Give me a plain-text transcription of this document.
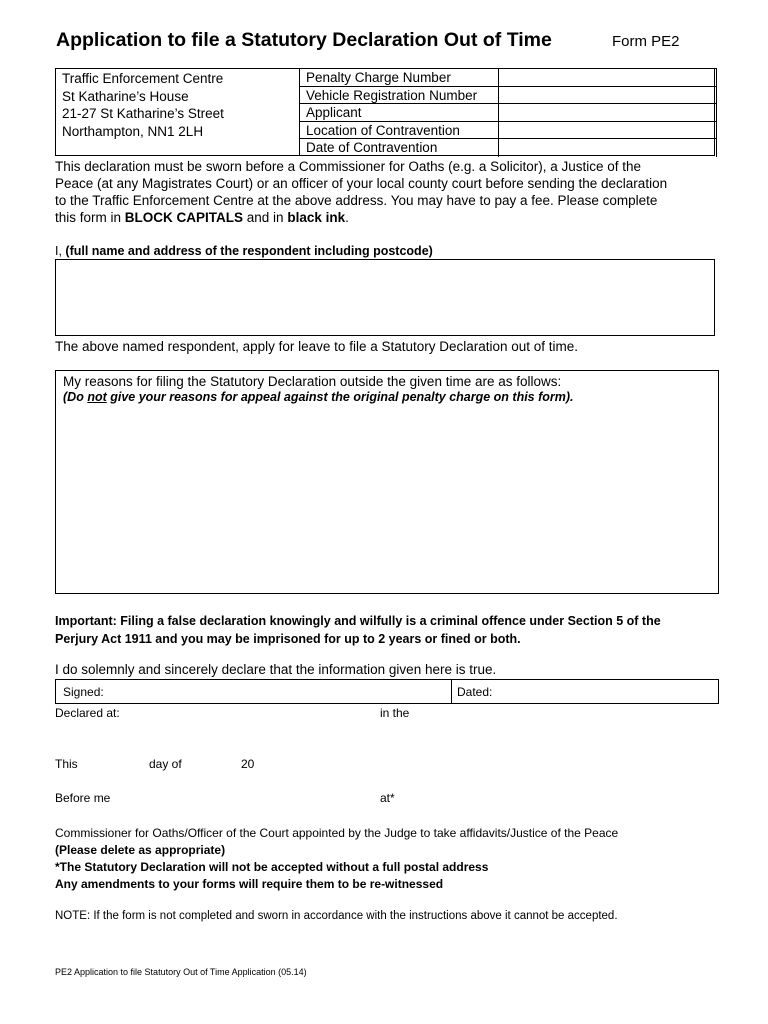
Application to file a Statutory Declaration Out of Time	Form PE2
Traffic Enforcement Centre
St Katharine’s House
21-27 St Katharine’s Street
Northampton, NN1 2LH
Penalty Charge Number
Vehicle Registration Number
Applicant
Location of Contravention
Date of Contravention
This declaration must be sworn before a Commissioner for Oaths (e.g. a Solicitor), a Justice of the
Peace (at any Magistrates Court) or an officer of your local county court before sending the declaration
to the Traffic Enforcement Centre at the above address. You may have to pay a fee. Please complete
this form in BLOCK CAPITALS and in black ink.
I, (full name and address of the respondent including postcode)
The above named respondent, apply for leave to file a Statutory Declaration out of time.
My reasons for filing the Statutory Declaration outside the given time are as follows:
(Do not give your reasons for appeal against the original penalty charge on this form).
Important: Filing a false declaration knowingly and wilfully is a criminal offence under Section 5 of the
Perjury Act 1911 and you may be imprisoned for up to 2 years or fined or both.
I do solemnly and sincerely declare that the information given here is true.
Signed:	Dated:
Declared at:	in the
This	day of	20
Before me	at*
Commissioner for Oaths/Officer of the Court appointed by the Judge to take affidavits/Justice of the Peace
(Please delete as appropriate)
*The Statutory Declaration will not be accepted without a full postal address
Any amendments to your forms will require them to be re-witnessed
NOTE: If the form is not completed and sworn in accordance with the instructions above it cannot be accepted.
PE2 Application to file Statutory Out of Time Application (05.14)
